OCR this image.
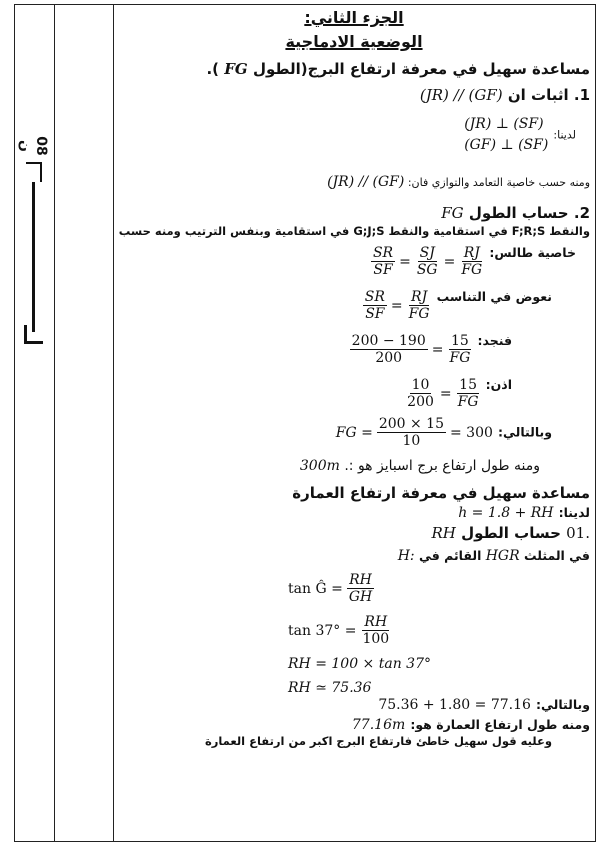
08 ن
الجزء الثاني:
الوضعية الادماجية
مساعدة سهيل في معرفة ارتفاع البرج(الطول FG ).
1. اثبات ان (JR) // (GF)
لدينا:
(JR) ⊥ (SF)
(GF) ⊥ (SF)
ومنه حسب خاصية التعامد والتوازي فان: (JR) // (GF)
2. حساب الطول FG
والنقط F;R;S في استقامية والنقط G;J;S في استقامية وبنفس الترتيب ومنه حسب
خاصية طالس:
$\frac{SR}{SF} = \frac{SJ}{SG} = \frac{RJ}{FG}$
نعوض في التناسب
$\frac{SR}{SF} = \frac{RJ}{FG}$
فنجد:
$\frac{200 - 190}{200} = \frac{15}{FG}$
اذن:
$\frac{10}{200} = \frac{15}{FG}$
وبالتالي:
FG = $\frac{200 \times 15}{10} = 300$
ومنه طول ارتفاع برج اسبايز هو :. 300m
مساعدة سهيل في معرفة ارتفاع العمارة
لدينا: h = 1.8 + RH
01. حساب الطول RH
في المثلث HGR القائم في H:
tan Ĝ = $\frac{RH}{GH}$
$\tan 37^\circ = \frac{RH}{100}$
RH = 100 × tan 37°
RH ≃ 75.36
وبالتالي: 75.36 + 1.80 = 77.16
ومنه طول ارتفاع العمارة هو: 77.16m
وعليه قول سهيل خاطئ فارتفاع البرج اكبر من ارتفاع العمارة
